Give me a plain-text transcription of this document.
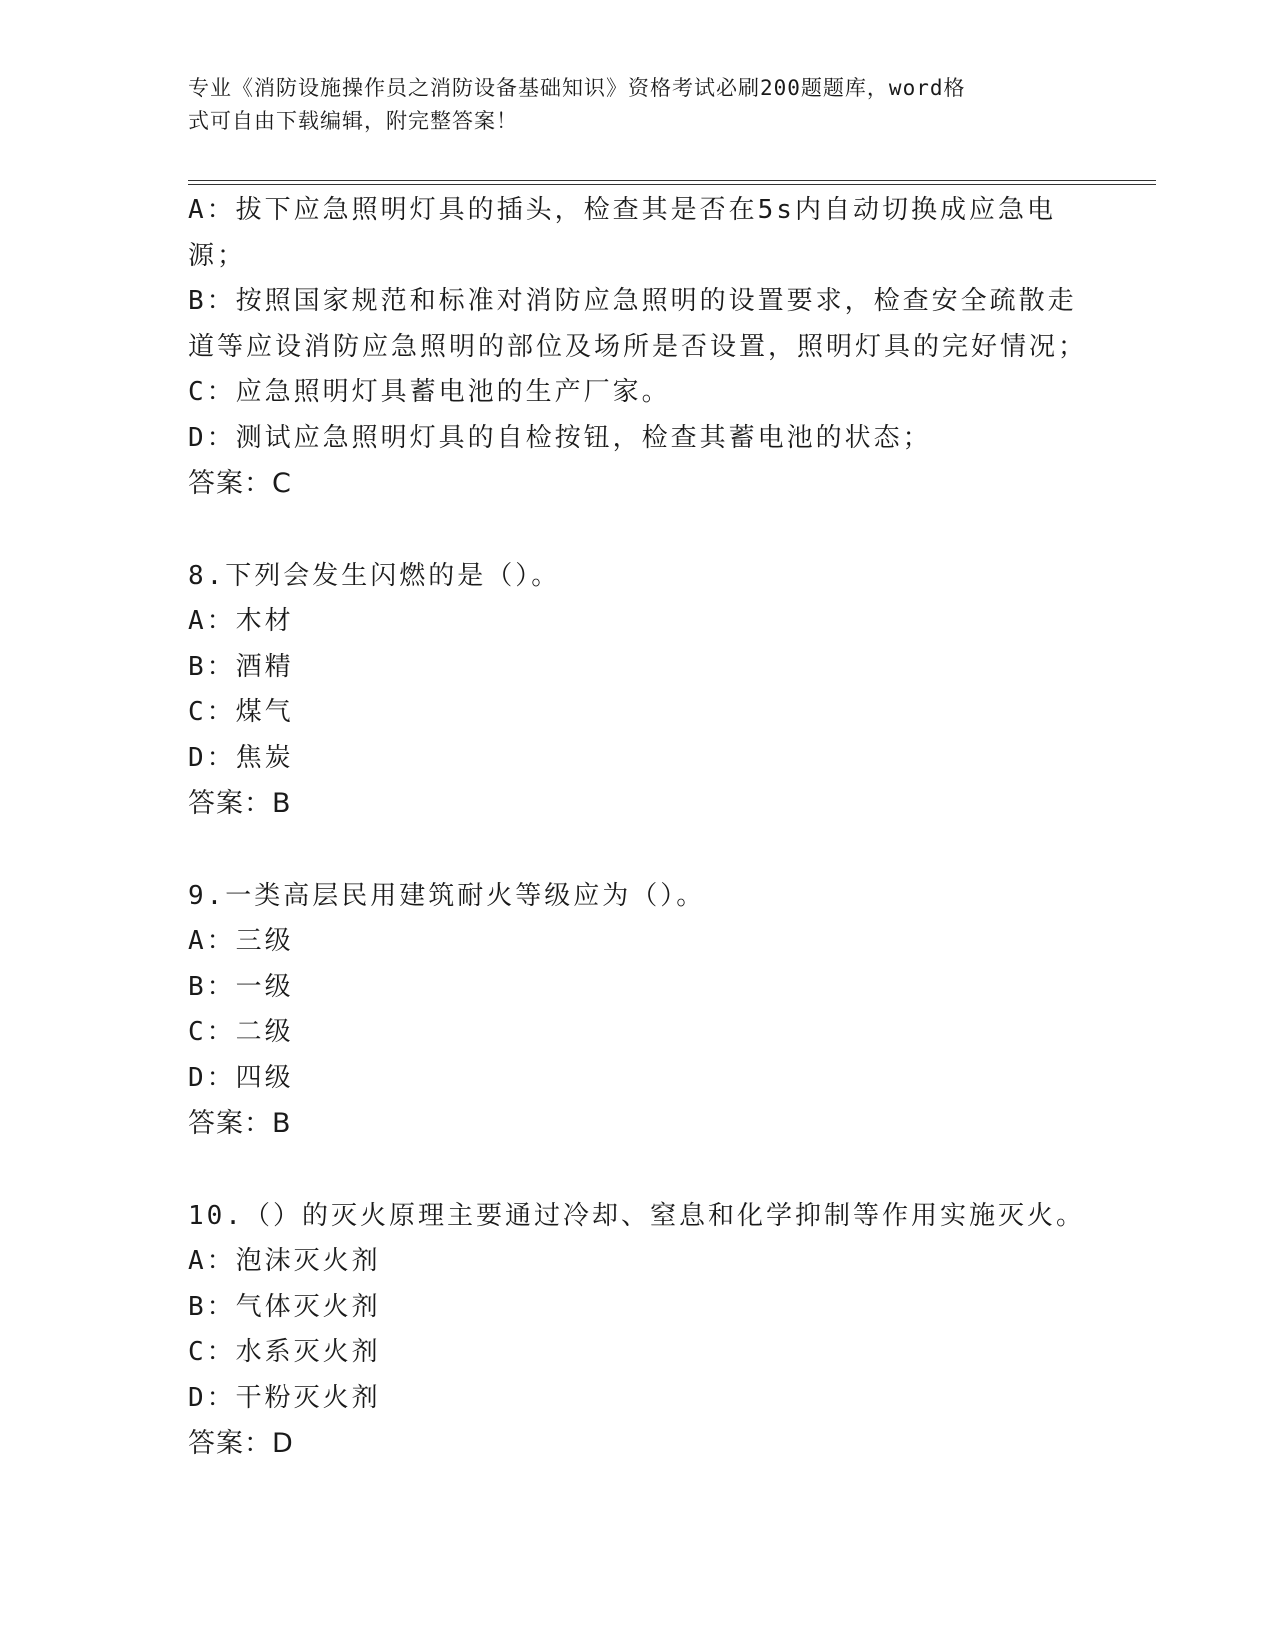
专业《消防设施操作员之消防设备基础知识》资格考试必刷200题题库，word格
式可自由下载编辑，附完整答案！

A：拔下应急照明灯具的插头，检查其是否在5s内自动切换成应急电

源；

B：按照国家规范和标准对消防应急照明的设置要求，检查安全疏散走

道等应设消防应急照明的部位及场所是否设置，照明灯具的完好情况；

C：应急照明灯具蓄电池的生产厂家。

D：测试应急照明灯具的自检按钮，检查其蓄电池的状态；

答案：C

8.下列会发生闪燃的是（）。

A：木材

B：酒精

C：煤气

D：焦炭

答案：B

9.一类高层民用建筑耐火等级应为（）。

A：三级

B：一级

C：二级

D：四级

答案：B

10.（）的灭火原理主要通过冷却、窒息和化学抑制等作用实施灭火。

A：泡沫灭火剂

B：气体灭火剂

C：水系灭火剂

D：干粉灭火剂

答案：D
